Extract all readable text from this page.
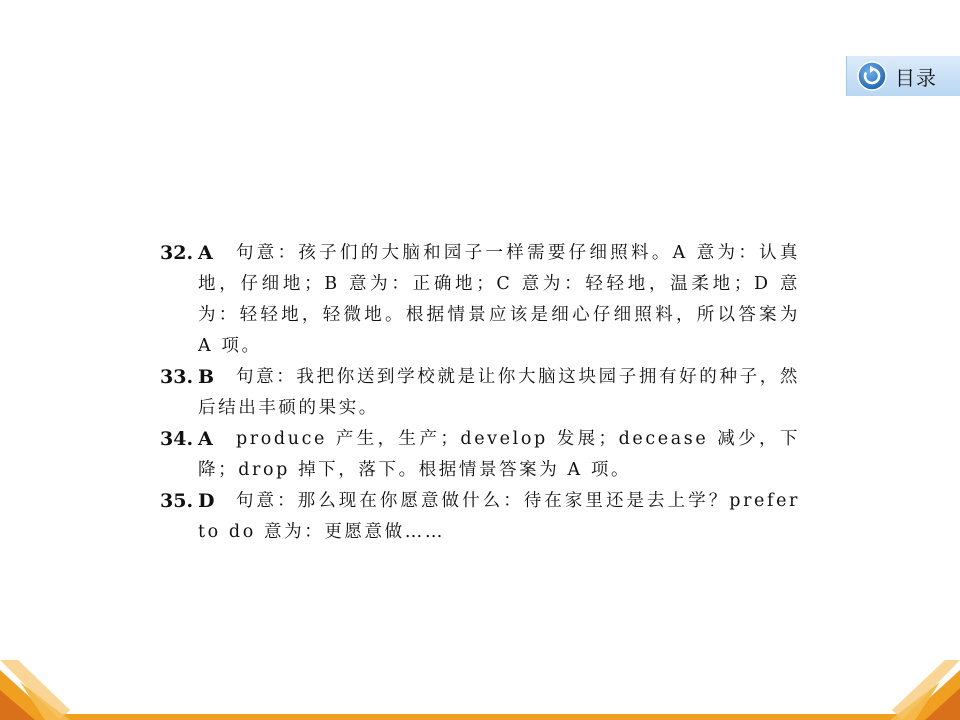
目录
32. A	句意：孩子们的大脑和园子一样需要仔细照料。A 意为：认真地，仔细地；B 意为：正确地；C 意为：轻轻地，温柔地；D 意为：轻轻地，轻微地。根据情景应该是细心仔细照料，所以答案为 A 项。
33. B	句意：我把你送到学校就是让你大脑这块园子拥有好的种子，然后结出丰硕的果实。
34. A	produce 产生，生产；develop 发展；decease 减少，下降；drop 掉下，落下。根据情景答案为 A 项。
35. D	句意：那么现在你愿意做什么：待在家里还是去上学？prefer to do 意为：更愿意做……
